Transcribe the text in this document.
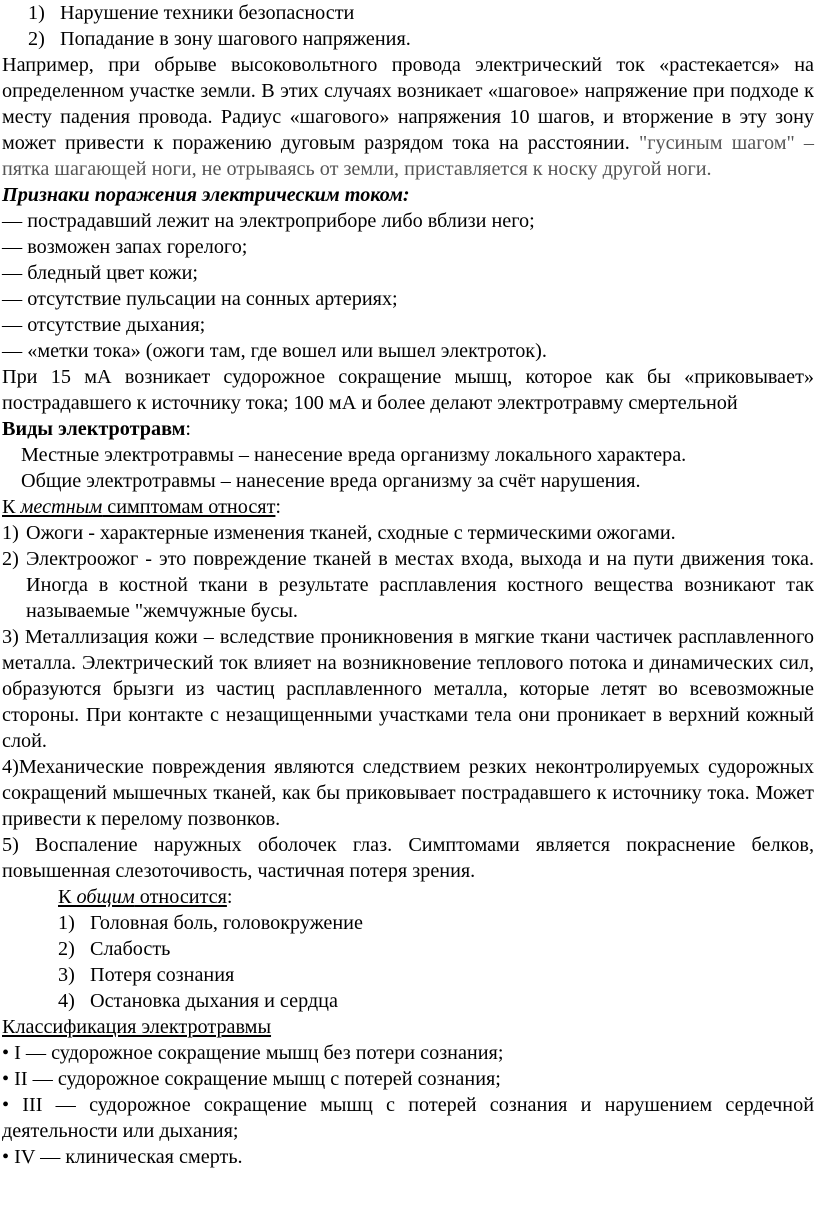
1) Нарушение техники безопасности
2) Попадание в зону шагового напряжения.

Например, при обрыве высоковольтного провода электрический ток «растекается» на определенном участке земли. В этих случаях возникает «шаговое» напряжение при подходе к месту падения провода. Радиус «шагового» напряжения 10 шагов, и вторжение в эту зону может привести к поражению дуговым разрядом тока на расстоянии. "гусиным шагом" – пятка шагающей ноги, не отрываясь от земли, приставляется к носку другой ноги.

Признаки поражения электрическим током:

— пострадавший лежит на электроприборе либо вблизи него;

— возможен запах горелого;

— бледный цвет кожи;

— отсутствие пульсации на сонных артериях;

— отсутствие дыхания;

— «метки тока» (ожоги там, где вошел или вышел электроток).

При 15 мА возникает судорожное сокращение мышц, которое как бы «приковывает» пострадавшего к источнику тока; 100 мА и более делают электротравму смертельной

Виды электротравм:

Местные электротравмы – нанесение вреда организму локального характера.

Общие электротравмы – нанесение вреда организму за счёт нарушения.

К местным симптомам относят:

1) Ожоги - характерные изменения тканей, сходные с термическими ожогами.
2) Электроожог - это повреждение тканей в местах входа, выхода и на пути движения тока. Иногда в костной ткани в результате расплавления костного вещества возникают так называемые "жемчужные бусы.

3) Металлизация кожи – вследствие проникновения в мягкие ткани частичек расплавленного металла. Электрический ток влияет на возникновение теплового потока и динамических сил, образуются брызги из частиц расплавленного металла, которые летят во всевозможные стороны. При контакте с незащищенными участками тела они проникает в верхний кожный слой.

4)Механические повреждения являются следствием резких неконтролируемых судорожных сокращений мышечных тканей, как бы приковывает пострадавшего к источнику тока. Может привести к перелому позвонков.

5) Воспаление наружных оболочек глаз. Симптомами является покраснение белков, повышенная слезоточивость, частичная потеря зрения.

К общим относится:

1) Головная боль, головокружение
2) Слабость
3) Потеря сознания
4) Остановка дыхания и сердца

Классификация электротравмы

• I — судорожное сокращение мышц без потери сознания;

• II — судорожное сокращение мышц с потерей сознания;

• III — судорожное сокращение мышц с потерей сознания и нарушением сердечной деятельности или дыхания;

• IV — клиническая смерть.
